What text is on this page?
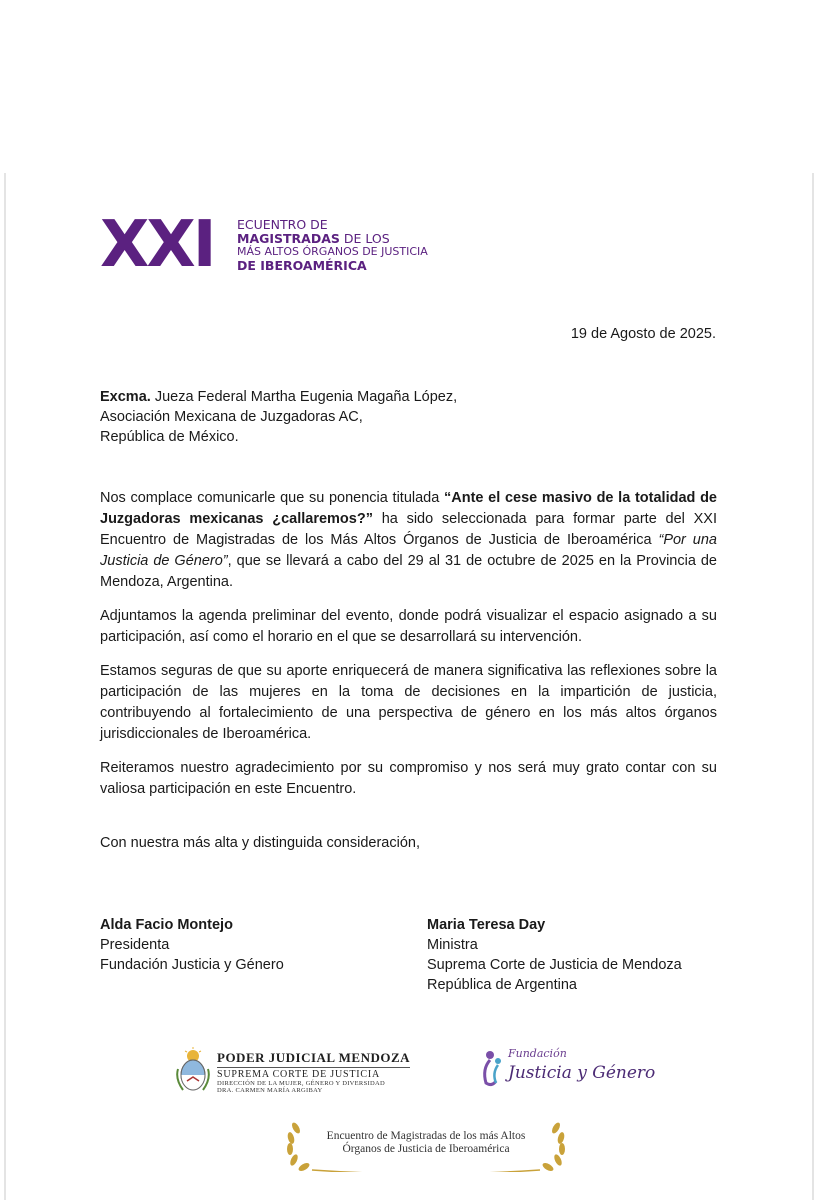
XXI ECUENTRO DE
MAGISTRADAS DE LOS
MÁS ALTOS ÓRGANOS DE JUSTICIA
DE IBEROAMÉRICA
19 de Agosto de 2025.
Excma. Jueza Federal Martha Eugenia Magaña López,
Asociación Mexicana de Juzgadoras AC,
República de México.

Nos complace comunicarle que su ponencia titulada “Ante el cese masivo de la totalidad de Juzgadoras mexicanas ¿callaremos?” ha sido seleccionada para formar parte del XXI Encuentro de Magistradas de los Más Altos Órganos de Justicia de Iberoamérica “Por una Justicia de Género”, que se llevará a cabo del 29 al 31 de octubre de 2025 en la Provincia de Mendoza, Argentina.

Adjuntamos la agenda preliminar del evento, donde podrá visualizar el espacio asignado a su participación, así como el horario en el que se desarrollará su intervención.

Estamos seguras de que su aporte enriquecerá de manera significativa las reflexiones sobre la participación de las mujeres en la toma de decisiones en la impartición de justicia, contribuyendo al fortalecimiento de una perspectiva de género en los más altos órganos jurisdiccionales de Iberoamérica.

Reiteramos nuestro agradecimiento por su compromiso y nos será muy grato contar con su valiosa participación en este Encuentro.

Con nuestra más alta y distinguida consideración,
Alda Facio Montejo
Presidenta
Fundación Justicia y Género
Maria Teresa Day
Ministra
Suprema Corte de Justicia de Mendoza
República de Argentina
PODER JUDICIAL MENDOZA
SUPREMA CORTE DE JUSTICIA
DIRECCIÓN DE LA MUJER, GÉNERO Y DIVERSIDAD
DRA. CARMEN MARÍA ARGIBAY
Fundación
Justicia y Género
Encuentro de Magistradas de los más Altos
Órganos de Justicia de Iberoamérica
